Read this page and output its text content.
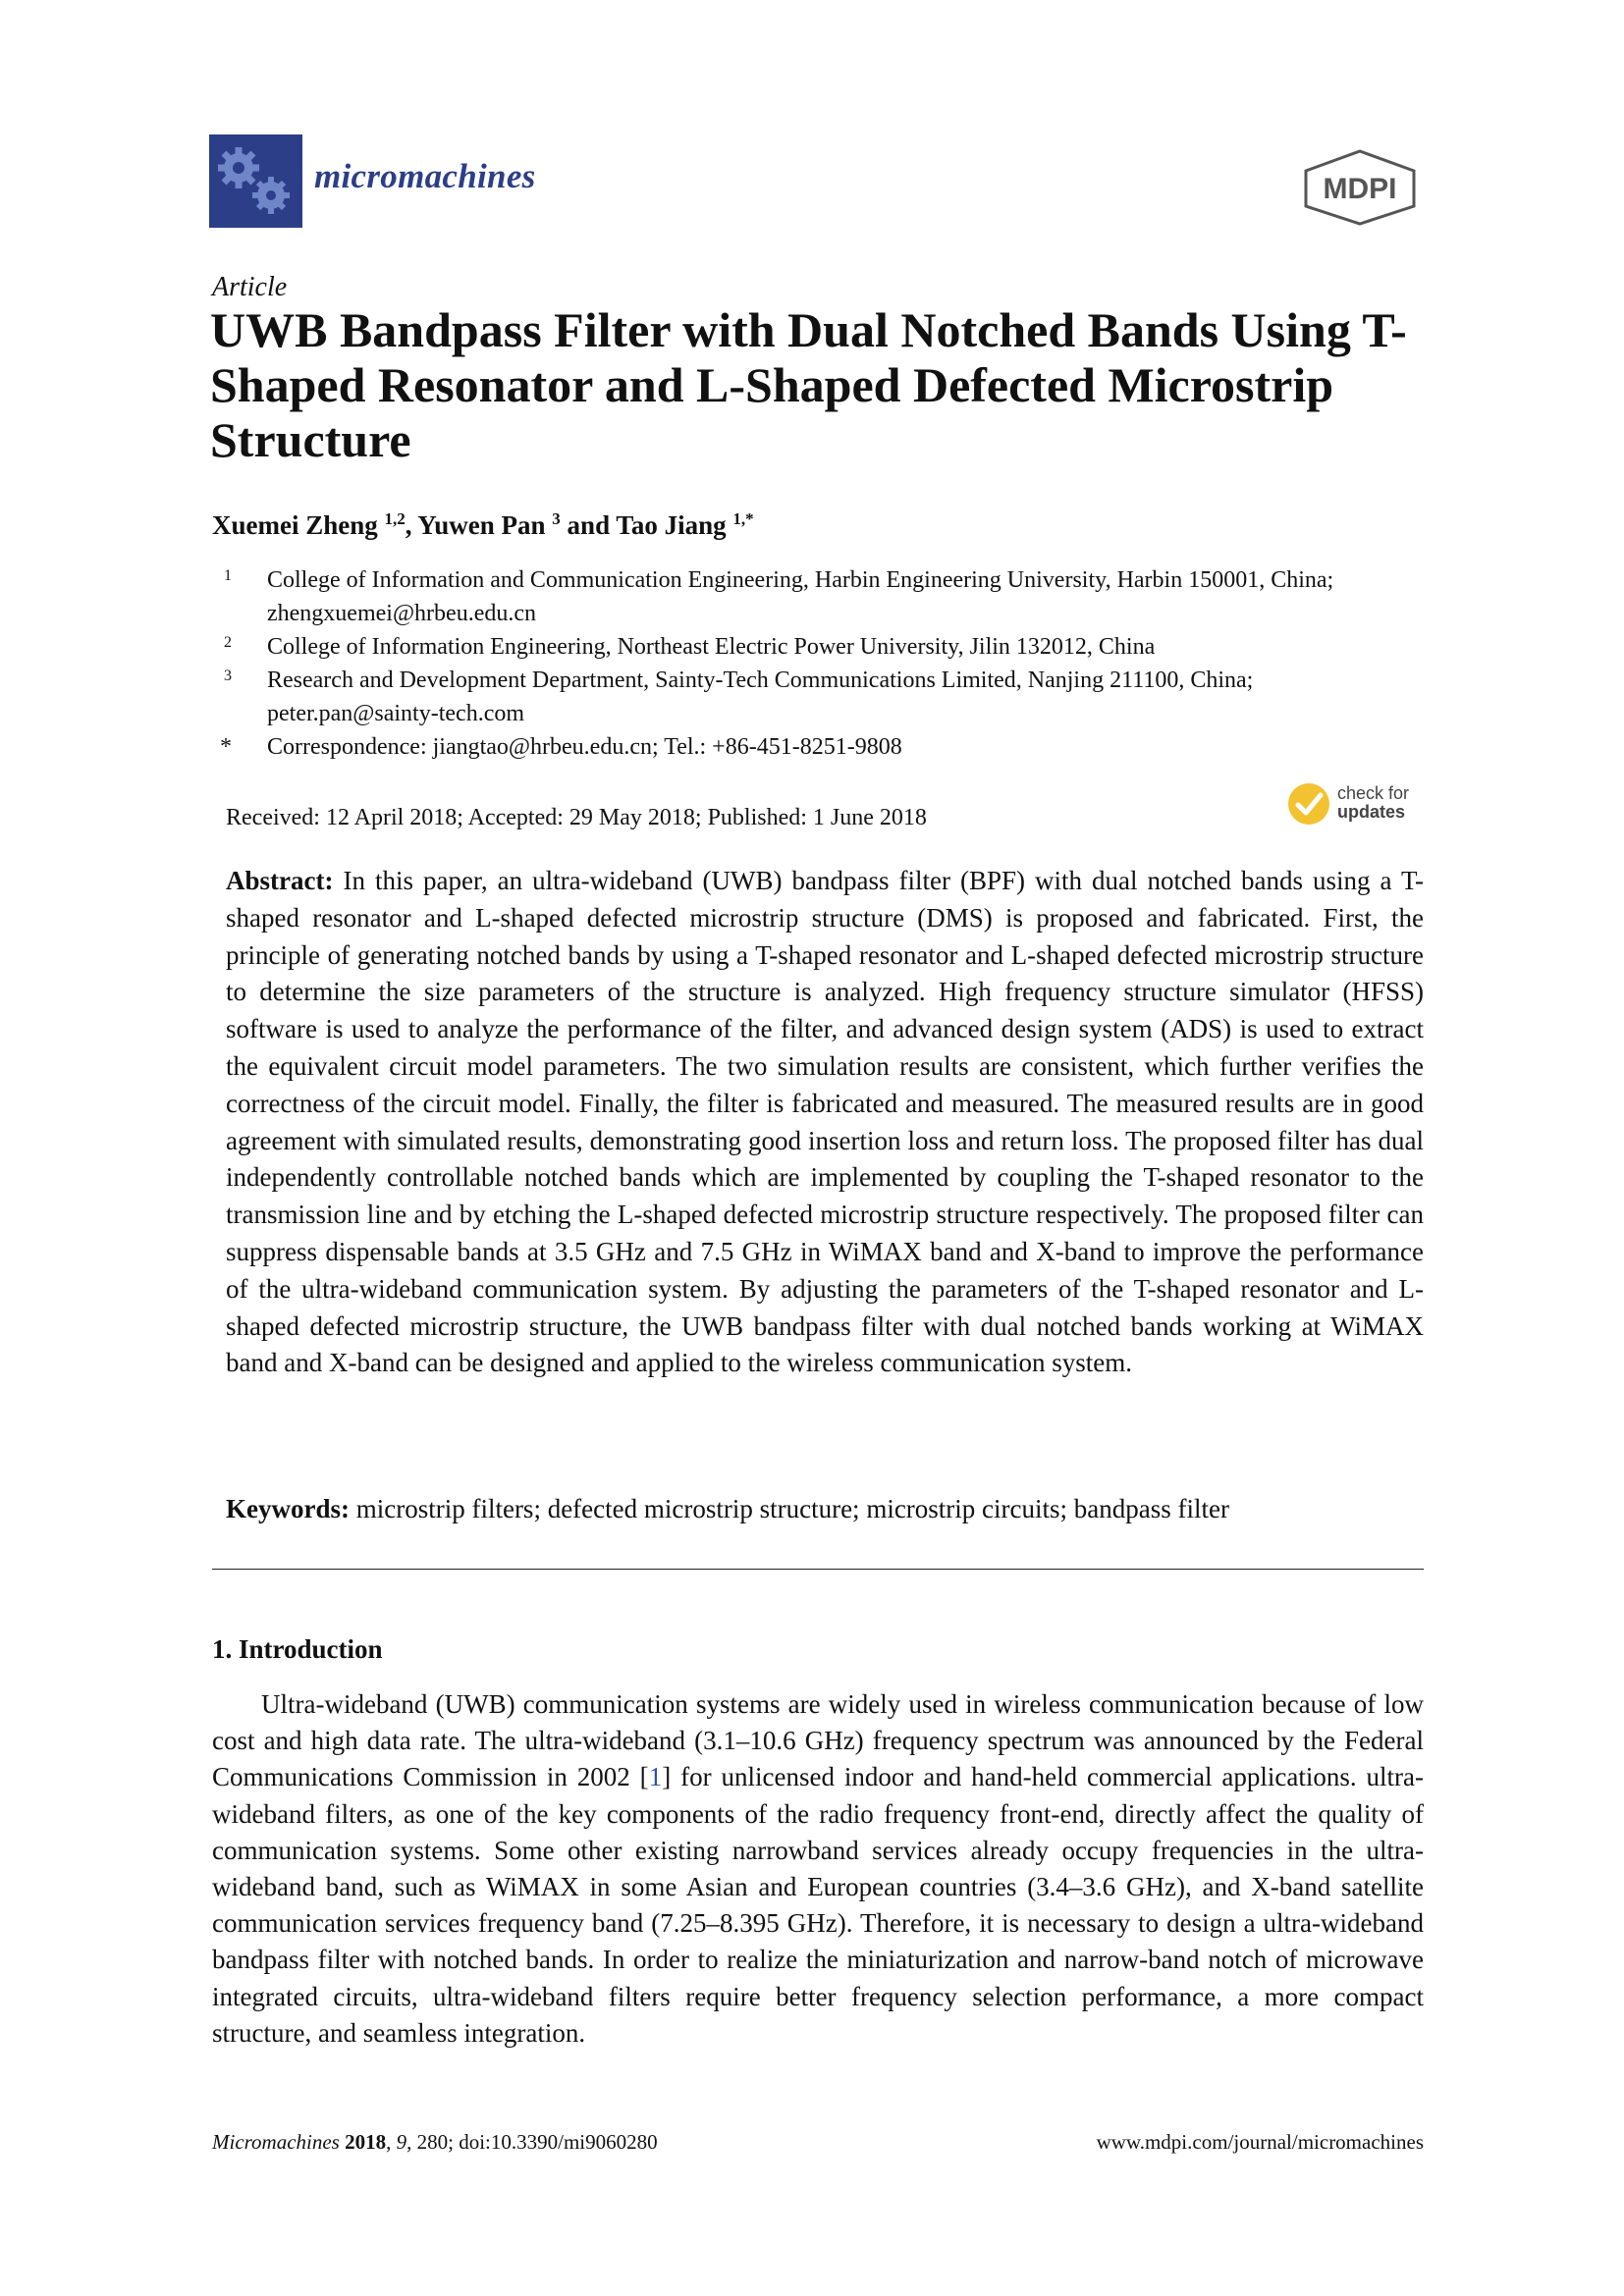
micromachines	MDPI
Article
UWB Bandpass Filter with Dual Notched Bands Using T-Shaped Resonator and L-Shaped Defected Microstrip Structure
Xuemei Zheng $^{1,2}$, Yuwen Pan $^3$ and Tao Jiang $^{1,*}$
1 College of Information and Communication Engineering, Harbin Engineering University, Harbin 150001, China; zhengxuemei@hrbeu.edu.cn
2 College of Information Engineering, Northeast Electric Power University, Jilin 132012, China
3 Research and Development Department, Sainty-Tech Communications Limited, Nanjing 211100, China; peter.pan@sainty-tech.com
* Correspondence: jiangtao@hrbeu.edu.cn; Tel.: +86-451-8251-9808
Received: 12 April 2018; Accepted: 29 May 2018; Published: 1 June 2018
check for
updates
Abstract: In this paper, an ultra-wideband (UWB) bandpass filter (BPF) with dual notched bands using a T-shaped resonator and L-shaped defected microstrip structure (DMS) is proposed and fabricated. First, the principle of generating notched bands by using a T-shaped resonator and L-shaped defected microstrip structure to determine the size parameters of the structure is analyzed. High frequency structure simulator (HFSS) software is used to analyze the performance of the filter, and advanced design system (ADS) is used to extract the equivalent circuit model parameters. The two simulation results are consistent, which further verifies the correctness of the circuit model. Finally, the filter is fabricated and measured. The measured results are in good agreement with simulated results, demonstrating good insertion loss and return loss. The proposed filter has dual independently controllable notched bands which are implemented by coupling the T-shaped resonator to the transmission line and by etching the L-shaped defected microstrip structure respectively. The proposed filter can suppress dispensable bands at 3.5 GHz and 7.5 GHz in WiMAX band and X-band to improve the performance of the ultra-wideband communication system. By adjusting the parameters of the T-shaped resonator and L-shaped defected microstrip structure, the UWB bandpass filter with dual notched bands working at WiMAX band and X-band can be designed and applied to the wireless communication system.
Keywords: microstrip filters; defected microstrip structure; microstrip circuits; bandpass filter
1. Introduction
Ultra-wideband (UWB) communication systems are widely used in wireless communication because of low cost and high data rate. The ultra-wideband (3.1–10.6 GHz) frequency spectrum was announced by the Federal Communications Commission in 2002 [1] for unlicensed indoor and hand-held commercial applications. ultra-wideband filters, as one of the key components of the radio frequency front-end, directly affect the quality of communication systems. Some other existing narrowband services already occupy frequencies in the ultra-wideband band, such as WiMAX in some Asian and European countries (3.4–3.6 GHz), and X-band satellite communication services frequency band (7.25–8.395 GHz). Therefore, it is necessary to design a ultra-wideband bandpass filter with notched bands. In order to realize the miniaturization and narrow-band notch of microwave integrated circuits, ultra-wideband filters require better frequency selection performance, a more compact structure, and seamless integration.
Micromachines 2018, 9, 280; doi:10.3390/mi9060280	www.mdpi.com/journal/micromachines
